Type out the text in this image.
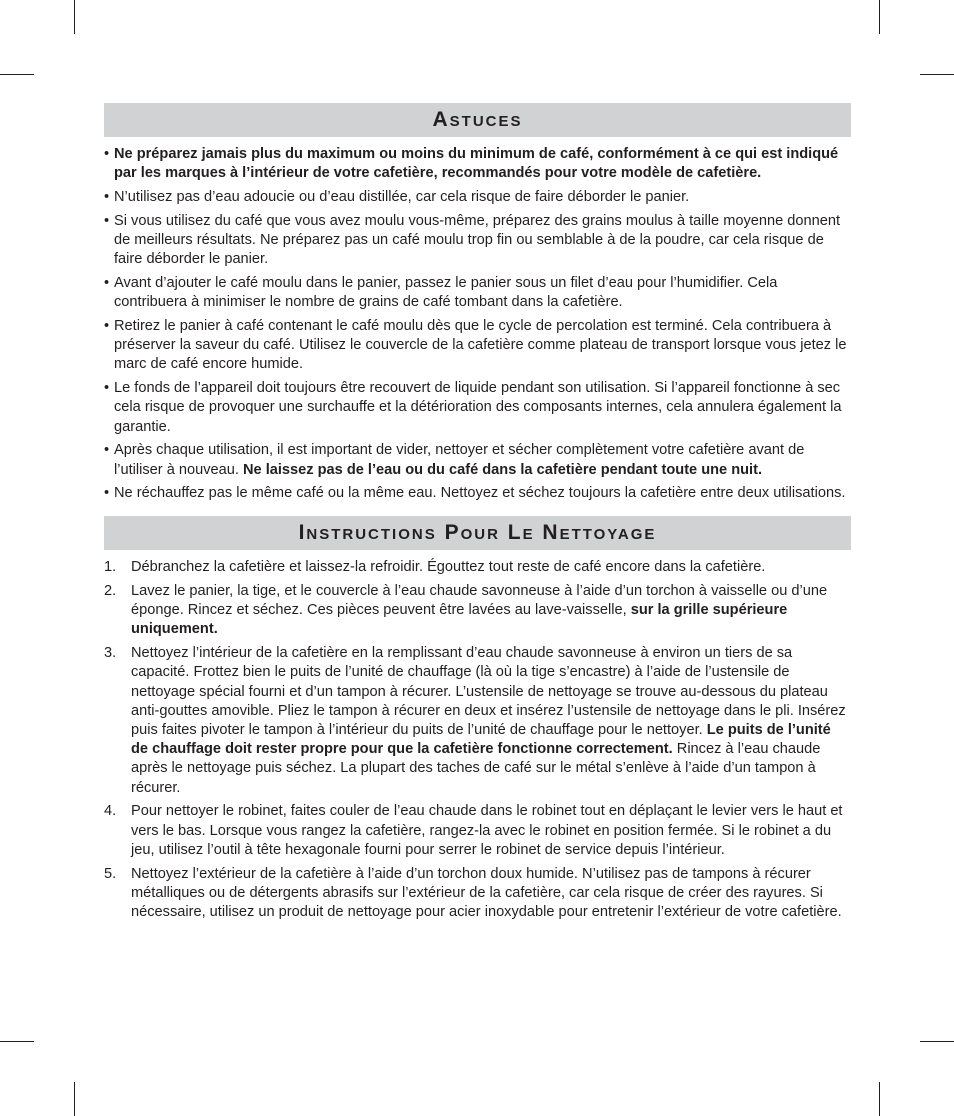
Astuces
• Ne préparez jamais plus du maximum ou moins du minimum de café, conformément à ce qui est indiqué par les marques à l’intérieur de votre cafetière, recommandés pour votre modèle de cafetière.
• N’utilisez pas d’eau adoucie ou d’eau distillée, car cela risque de faire déborder le panier.
• Si vous utilisez du café que vous avez moulu vous-même, préparez des grains moulus à taille moyenne donnent de meilleurs résultats. Ne préparez pas un café moulu trop fin ou semblable à de la poudre, car cela risque de faire déborder le panier.
• Avant d’ajouter le café moulu dans le panier, passez le panier sous un filet d’eau pour l’humidifier. Cela contribuera à minimiser le nombre de grains de café tombant dans la cafetière.
• Retirez le panier à café contenant le café moulu dès que le cycle de percolation est terminé. Cela contribuera à préserver la saveur du café. Utilisez le couvercle de la cafetière comme plateau de transport lorsque vous jetez le marc de café encore humide.
• Le fonds de l’appareil doit toujours être recouvert de liquide pendant son utilisation. Si l’appareil fonctionne à sec cela risque de provoquer une surchauffe et la détérioration des composants internes, cela annulera également la garantie.
• Après chaque utilisation, il est important de vider, nettoyer et sécher complètement votre cafetière avant de l’utiliser à nouveau. Ne laissez pas de l’eau ou du café dans la cafetière pendant toute une nuit.
• Ne réchauffez pas le même café ou la même eau. Nettoyez et séchez toujours la cafetière entre deux utilisations.
Instructions Pour Le Nettoyage
1. Débranchez la cafetière et laissez-la refroidir. Égouttez tout reste de café encore dans la cafetière.
2. Lavez le panier, la tige, et le couvercle à l’eau chaude savonneuse à l’aide d’un torchon à vaisselle ou d’une éponge. Rincez et séchez. Ces pièces peuvent être lavées au lave-vaisselle, sur la grille supérieure uniquement.
3. Nettoyez l’intérieur de la cafetière en la remplissant d’eau chaude savonneuse à environ un tiers de sa capacité. Frottez bien le puits de l’unité de chauffage (là où la tige s’encastre) à l’aide de l’ustensile de nettoyage spécial fourni et d’un tampon à récurer. L’ustensile de nettoyage se trouve au-dessous du plateau anti-gouttes amovible. Pliez le tampon à récurer en deux et insérez l’ustensile de nettoyage dans le pli. Insérez puis faites pivoter le tampon à l’intérieur du puits de l’unité de chauffage pour le nettoyer. Le puits de l’unité de chauffage doit rester propre pour que la cafetière fonctionne correctement. Rincez à l’eau chaude après le nettoyage puis séchez. La plupart des taches de café sur le métal s’enlève à l’aide d’un tampon à récurer.
4. Pour nettoyer le robinet, faites couler de l’eau chaude dans le robinet tout en déplaçant le levier vers le haut et vers le bas. Lorsque vous rangez la cafetière, rangez-la avec le robinet en position fermée. Si le robinet a du jeu, utilisez l’outil à tête hexagonale fourni pour serrer le robinet de service depuis l’intérieur.
5. Nettoyez l’extérieur de la cafetière à l’aide d’un torchon doux humide. N’utilisez pas de tampons à récurer métalliques ou de détergents abrasifs sur l’extérieur de la cafetière, car cela risque de créer des rayures. Si nécessaire, utilisez un produit de nettoyage pour acier inoxydable pour entretenir l’extérieur de votre cafetière.
